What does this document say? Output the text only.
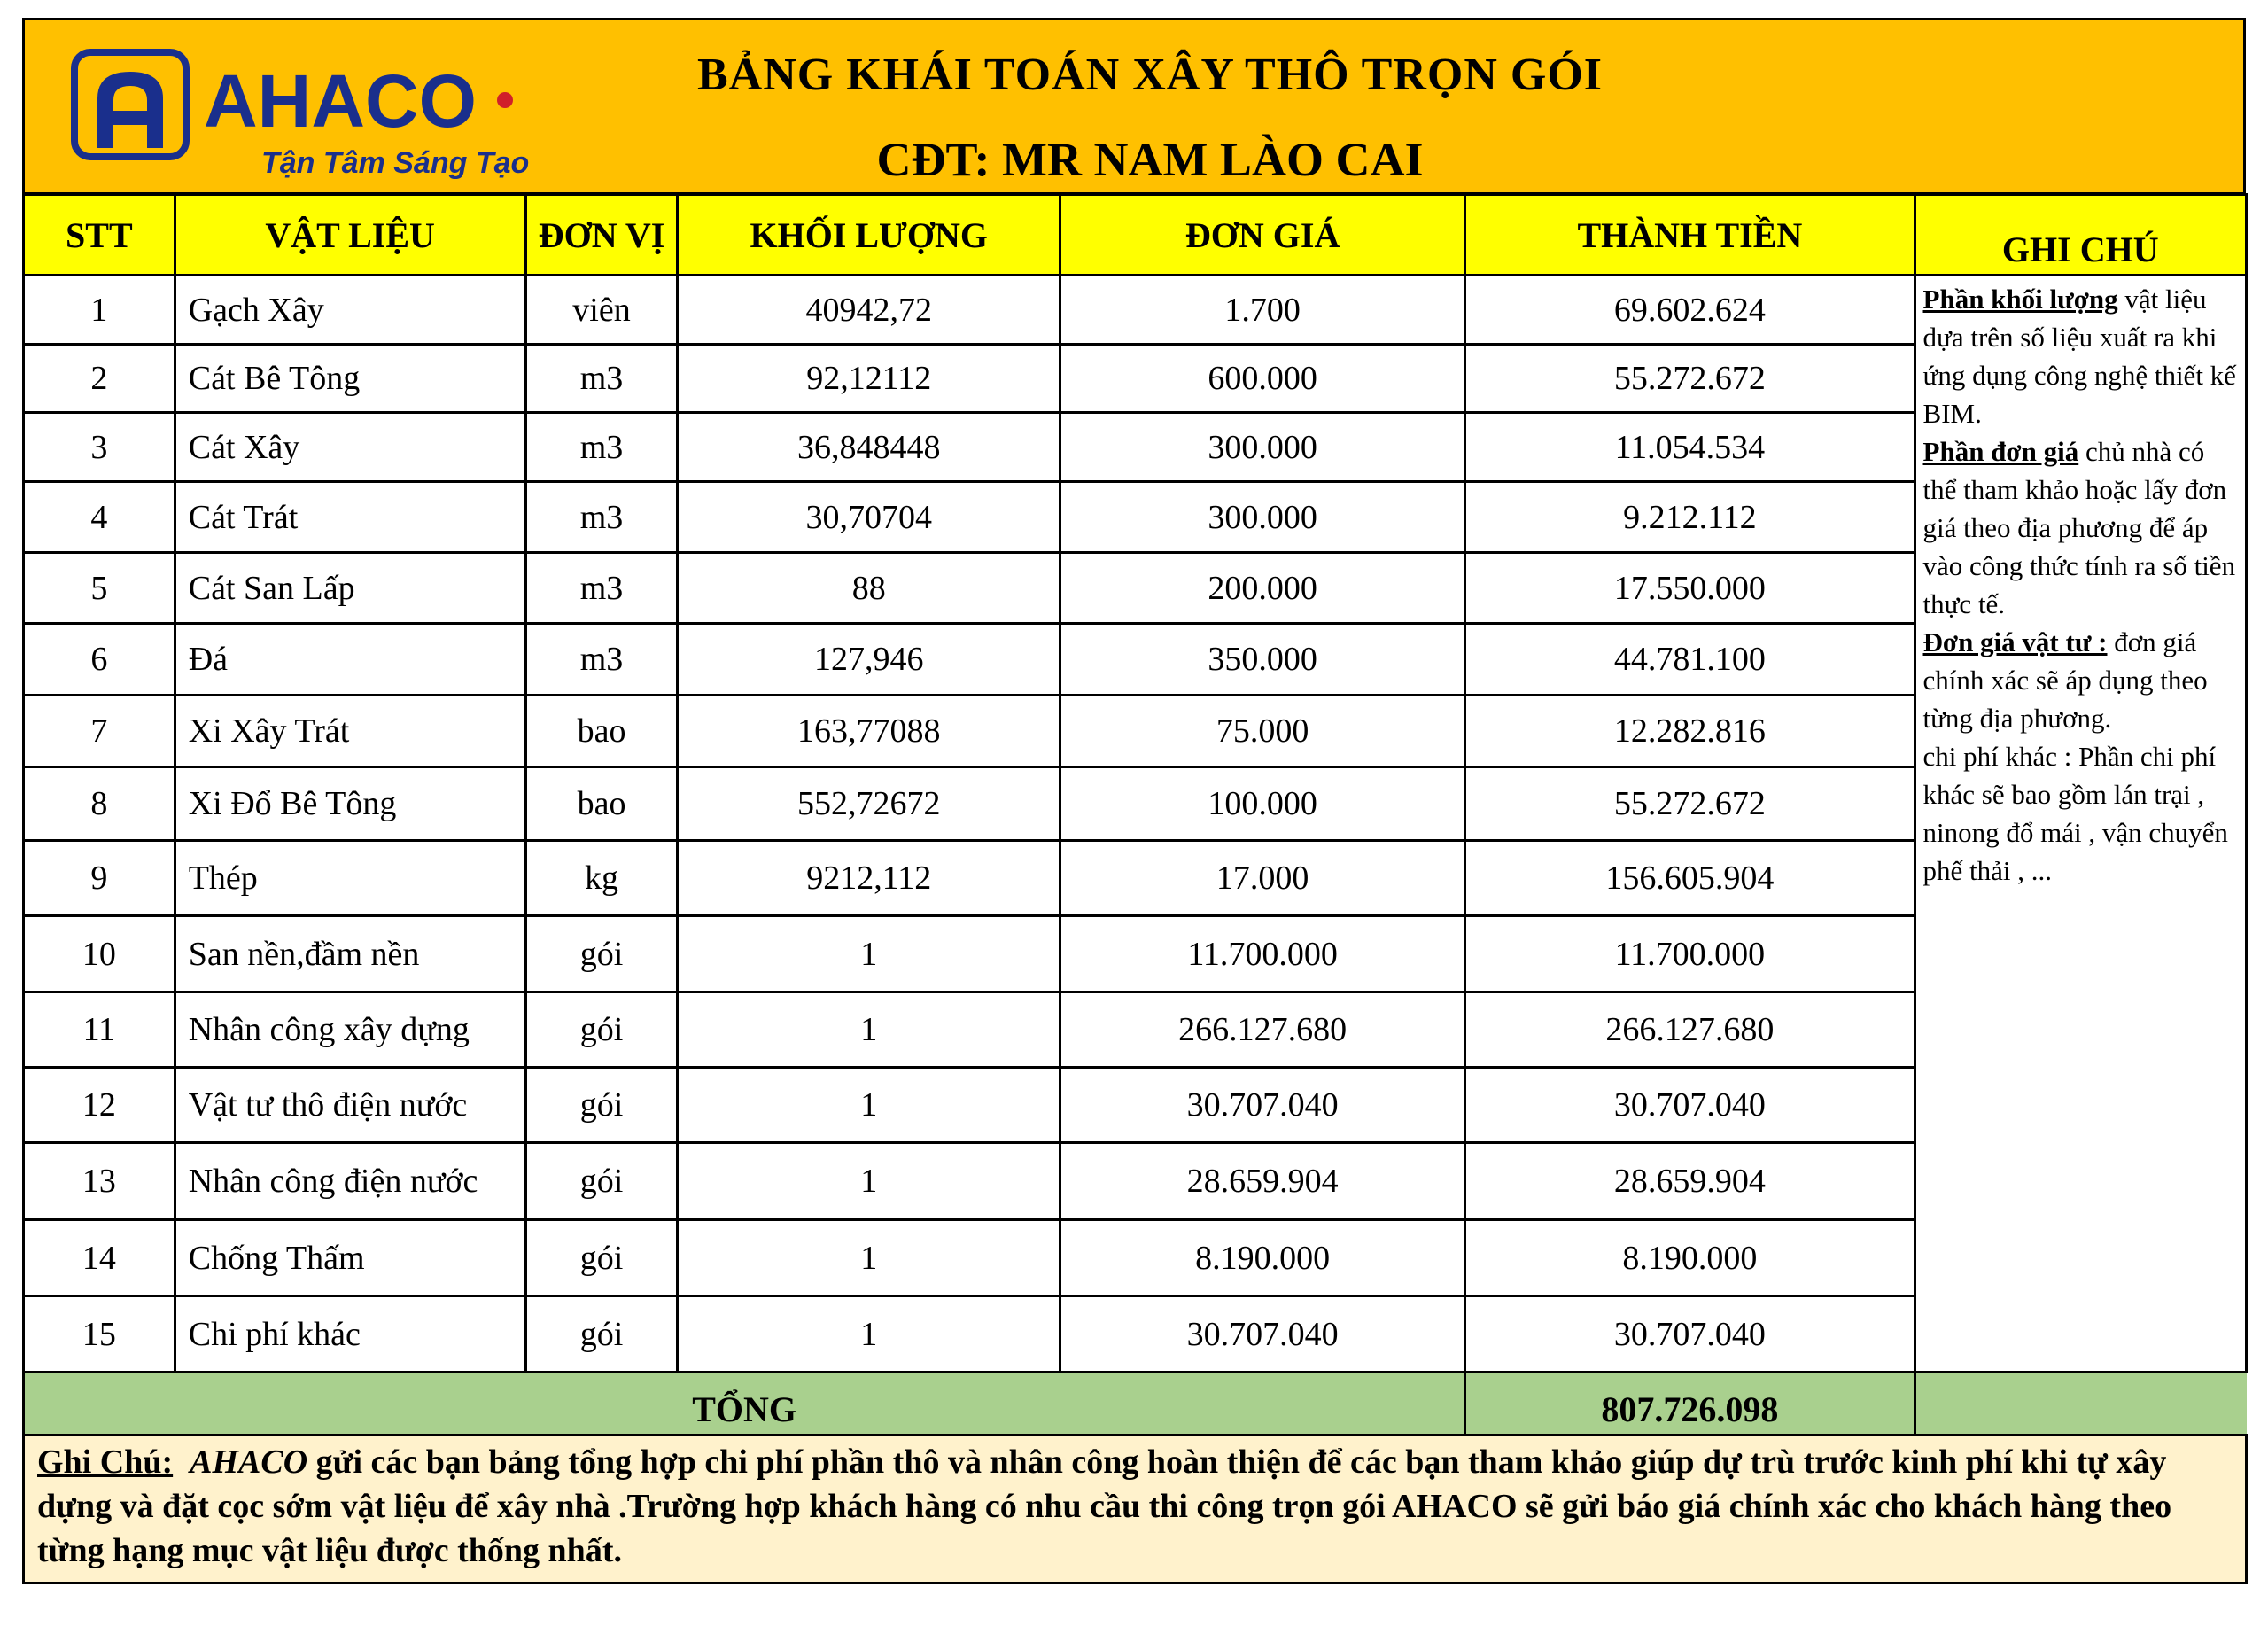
AHACO
Tận Tâm Sáng Tạo
BẢNG KHÁI TOÁN XÂY THÔ TRỌN GÓI
CĐT: MR NAM LÀO CAI
STT	VẬT LIỆU	ĐƠN VỊ	KHỐI LƯỢNG	ĐƠN GIÁ	THÀNH TIỀN	GHI CHÚ
1	Gạch Xây	viên	40942,72	1.700	69.602.624	Phần khối lượng vật liệu dựa trên số liệu xuất ra khi ứng dụng công nghệ thiết kế BIM.
Phần đơn giá chủ nhà có thể tham khảo hoặc lấy đơn giá theo địa phương để áp vào công thức tính ra số tiền thực tế.
Đơn giá vật tư : đơn giá chính xác sẽ áp dụng theo từng địa phương.
chi phí khác : Phần chi phí khác sẽ bao gồm lán trại , ninong đổ mái , vận chuyển phế thải , ...
2	Cát Bê Tông	m3	92,12112	600.000	55.272.672	
3	Cát Xây	m3	36,848448	300.000	11.054.534	
4	Cát Trát	m3	30,70704	300.000	9.212.112	
5	Cát San Lấp	m3	88	200.000	17.550.000	
6	Đá	m3	127,946	350.000	44.781.100	
7	Xi Xây Trát	bao	163,77088	75.000	12.282.816	
8	Xi Đổ Bê Tông	bao	552,72672	100.000	55.272.672	
9	Thép	kg	9212,112	17.000	156.605.904	
10	San nền,đầm nền	gói	1	11.700.000	11.700.000	
11	Nhân công xây dựng	gói	1	266.127.680	266.127.680	
12	Vật tư thô điện nước	gói	1	30.707.040	30.707.040	
13	Nhân công điện nước	gói	1	28.659.904	28.659.904	
14	Chống Thấm	gói	1	8.190.000	8.190.000	
15	Chi phí khác	gói	1	30.707.040	30.707.040	
TỔNG					807.726.098	
Ghi Chú: AHACO gửi các bạn bảng tổng hợp chi phí phần thô và nhân công hoàn thiện để các bạn tham khảo giúp dự trù trước kinh phí khi tự xây dựng và đặt cọc sớm vật liệu để xây nhà .Trường hợp khách hàng có nhu cầu thi công trọn gói AHACO sẽ gửi báo giá chính xác cho khách hàng theo từng hạng mục vật liệu được thống nhất.
